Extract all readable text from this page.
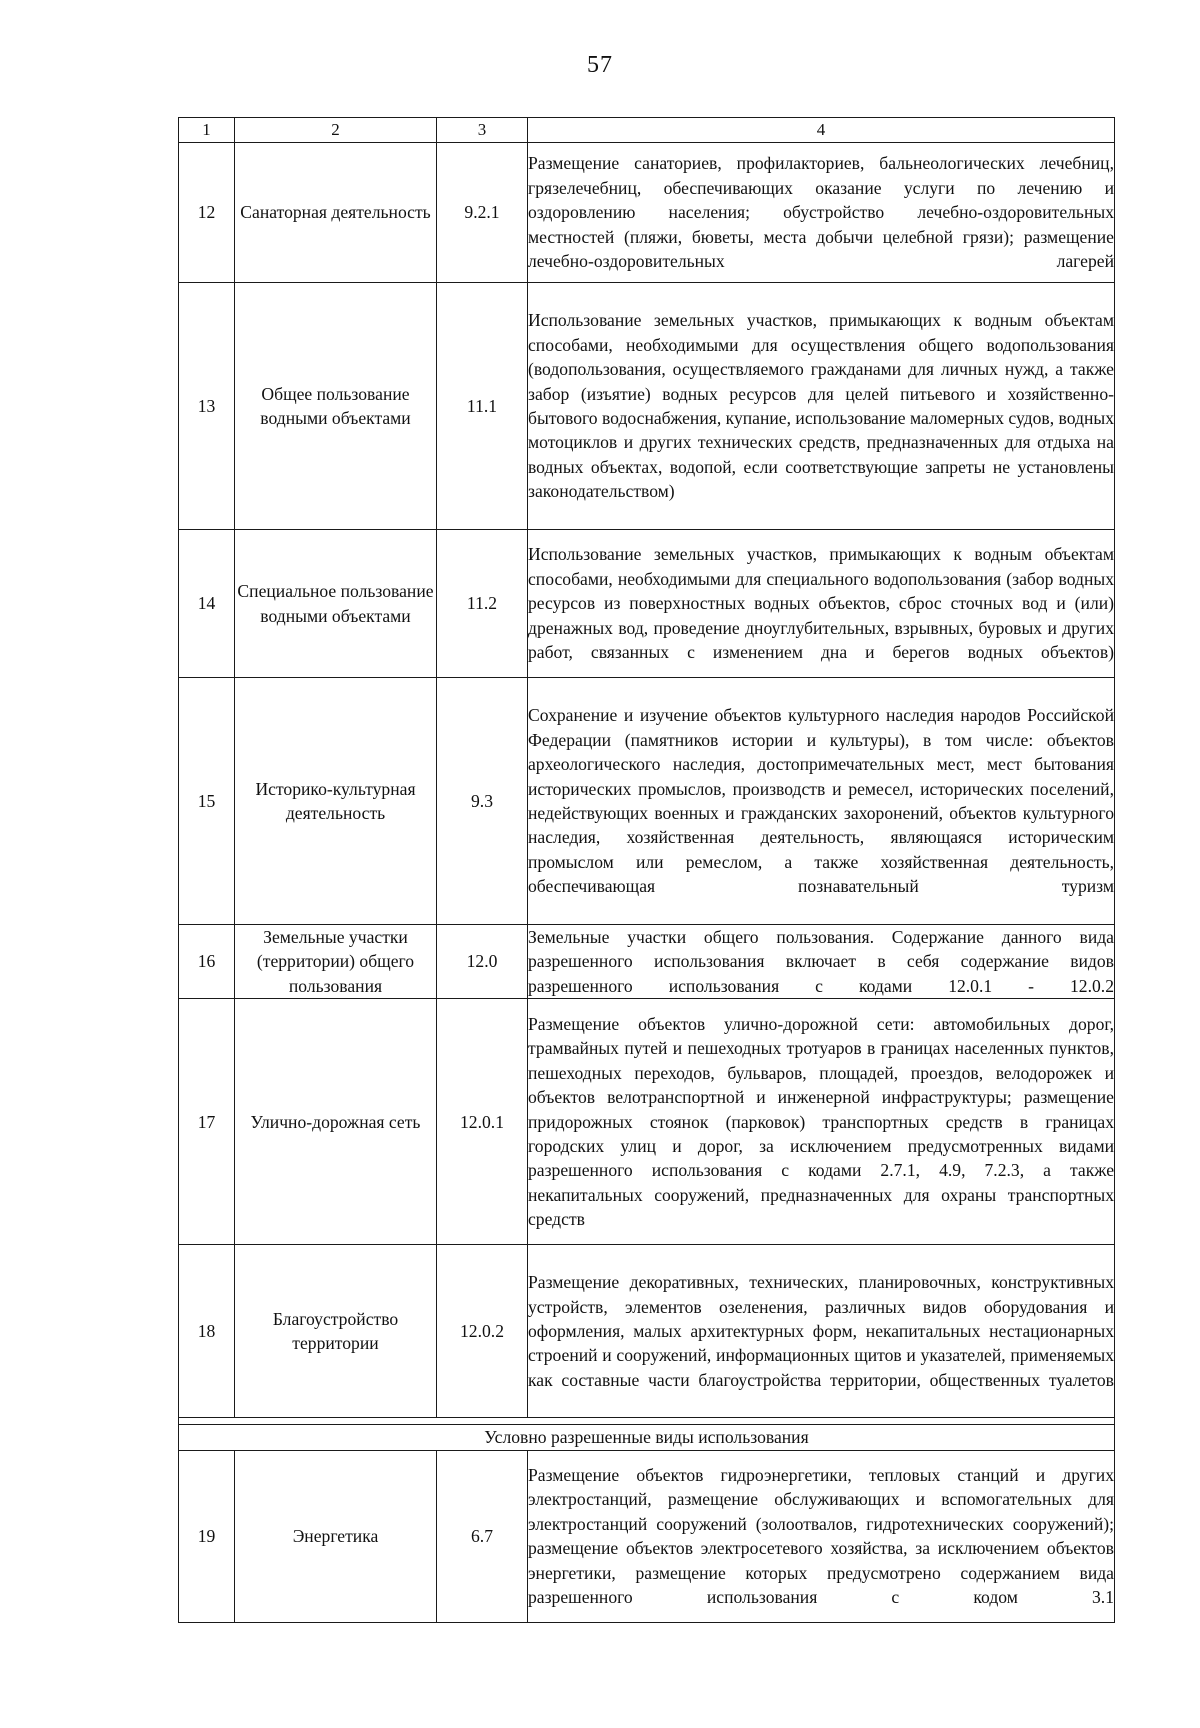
57
1	2	3	4
12	Санаторная деятельность	9.2.1	Размещение санаториев, профилакториев, бальнеологических лечебниц, грязелечебниц, обеспечивающих оказание услуги по лечению и оздоровлению населения; обустройство лечебно-оздоровительных местностей (пляжи, бюветы, места добычи целебной грязи); размещение лечебно-оздоровительных лагерей
13	Общее пользование водными объектами	11.1	Использование земельных участков, примыкающих к водным объектам способами, необходимыми для осуществления общего водопользования (водопользования, осуществляемого гражданами для личных нужд, а также забор (изъятие) водных ресурсов для целей питьевого и хозяйственно-бытового водоснабжения, купание, использование маломерных судов, водных мотоциклов и других технических средств, предназначенных для отдыха на водных объектах, водопой, если соответствующие запреты не установлены законодательством)
14	Специальное пользование водными объектами	11.2	Использование земельных участков, примыкающих к водным объектам способами, необходимыми для специального водопользования (забор водных ресурсов из поверхностных водных объектов, сброс сточных вод и (или) дренажных вод, проведение дноуглубительных, взрывных, буровых и других работ, связанных с изменением дна и берегов водных объектов)
15	Историко-культурная деятельность	9.3	Сохранение и изучение объектов культурного наследия народов Российской Федерации (памятников истории и культуры), в том числе: объектов археологического наследия, достопримечательных мест, мест бытования исторических промыслов, производств и ремесел, исторических поселений, недействующих военных и гражданских захоронений, объектов культурного наследия, хозяйственная деятельность, являющаяся историческим промыслом или ремеслом, а также хозяйственная деятельность, обеспечивающая познавательный туризм
16	Земельные участки (территории) общего пользования	12.0	Земельные участки общего пользования. Содержание данного вида разрешенного использования включает в себя содержание видов разрешенного использования с кодами 12.0.1 - 12.0.2
17	Улично-дорожная сеть	12.0.1	Размещение объектов улично-дорожной сети: автомобильных дорог, трамвайных путей и пешеходных тротуаров в границах населенных пунктов, пешеходных переходов, бульваров, площадей, проездов, велодорожек и объектов велотранспортной и инженерной инфраструктуры; размещение придорожных стоянок (парковок) транспортных средств в границах городских улиц и дорог, за исключением предусмотренных видами разрешенного использования с кодами 2.7.1, 4.9, 7.2.3, а также некапитальных сооружений, предназначенных для охраны транспортных средств
18	Благоустройство территории	12.0.2	Размещение декоративных, технических, планировочных, конструктивных устройств, элементов озеленения, различных видов оборудования и оформления, малых архитектурных форм, некапитальных нестационарных строений и сооружений, информационных щитов и указателей, применяемых как составные части благоустройства территории, общественных туалетов

Условно разрешенные виды использования			
19	Энергетика	6.7	Размещение объектов гидроэнергетики, тепловых станций и других электростанций, размещение обслуживающих и вспомогательных для электростанций сооружений (золоотвалов, гидротехнических сооружений); размещение объектов электросетевого хозяйства, за исключением объектов энергетики, размещение которых предусмотрено содержанием вида разрешенного использования с кодом 3.1
